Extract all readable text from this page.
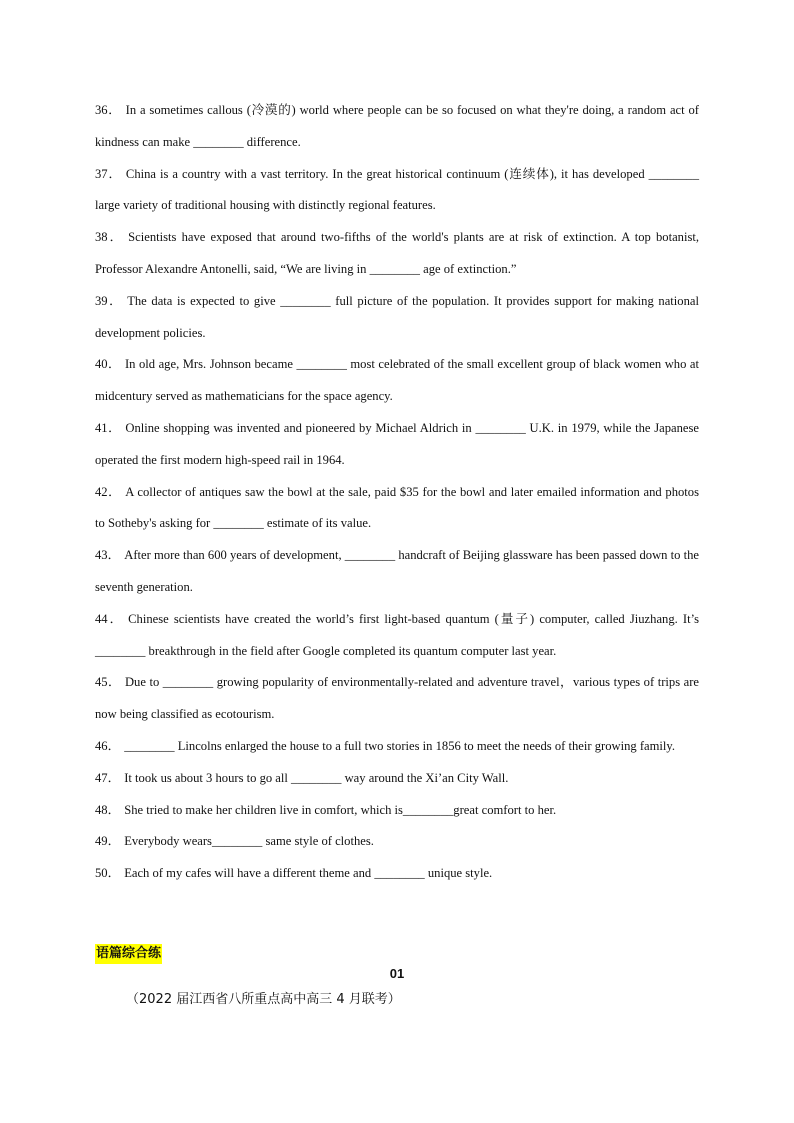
36． In a sometimes callous (冷漠的) world where people can be so focused on what they're doing, a random act of kindness can make ________ difference.

37． China is a country with a vast territory. In the great historical continuum (连续体), it has developed ________ large variety of traditional housing with distinctly regional features.

38． Scientists have exposed that around two-fifths of the world's plants are at risk of extinction. A top botanist, Professor Alexandre Antonelli, said, “We are living in ________ age of extinction.”

39． The data is expected to give ________ full picture of the population. It provides support for making national development policies.

40． In old age, Mrs. Johnson became ________ most celebrated of the small excellent group of black women who at midcentury served as mathematicians for the space agency.

41． Online shopping was invented and pioneered by Michael Aldrich in ________ U.K. in 1979, while the Japanese operated the first modern high-speed rail in 1964.

42． A collector of antiques saw the bowl at the sale, paid $35 for the bowl and later emailed information and photos to Sotheby's asking for ________ estimate of its value.

43． After more than 600 years of development, ________ handcraft of Beijing glassware has been passed down to the seventh generation.

44． Chinese scientists have created the world’s first light-based quantum (量子) computer, called Jiuzhang. It’s ________ breakthrough in the field after Google completed its quantum computer last year.

45． Due to ________ growing popularity of environmentally-related and adventure travel，various types of trips are now being classified as ecotourism.

46． ________ Lincolns enlarged the house to a full two stories in 1856 to meet the needs of their growing family.

47． It took us about 3 hours to go all ________ way around the Xi’an City Wall.

48． She tried to make her children live in comfort, which is________great comfort to her.

49． Everybody wears________ same style of clothes.

50． Each of my cafes will have a different theme and ________ unique style.

语篇综合练
01
（2022 届江西省八所重点高中高三 4 月联考）
